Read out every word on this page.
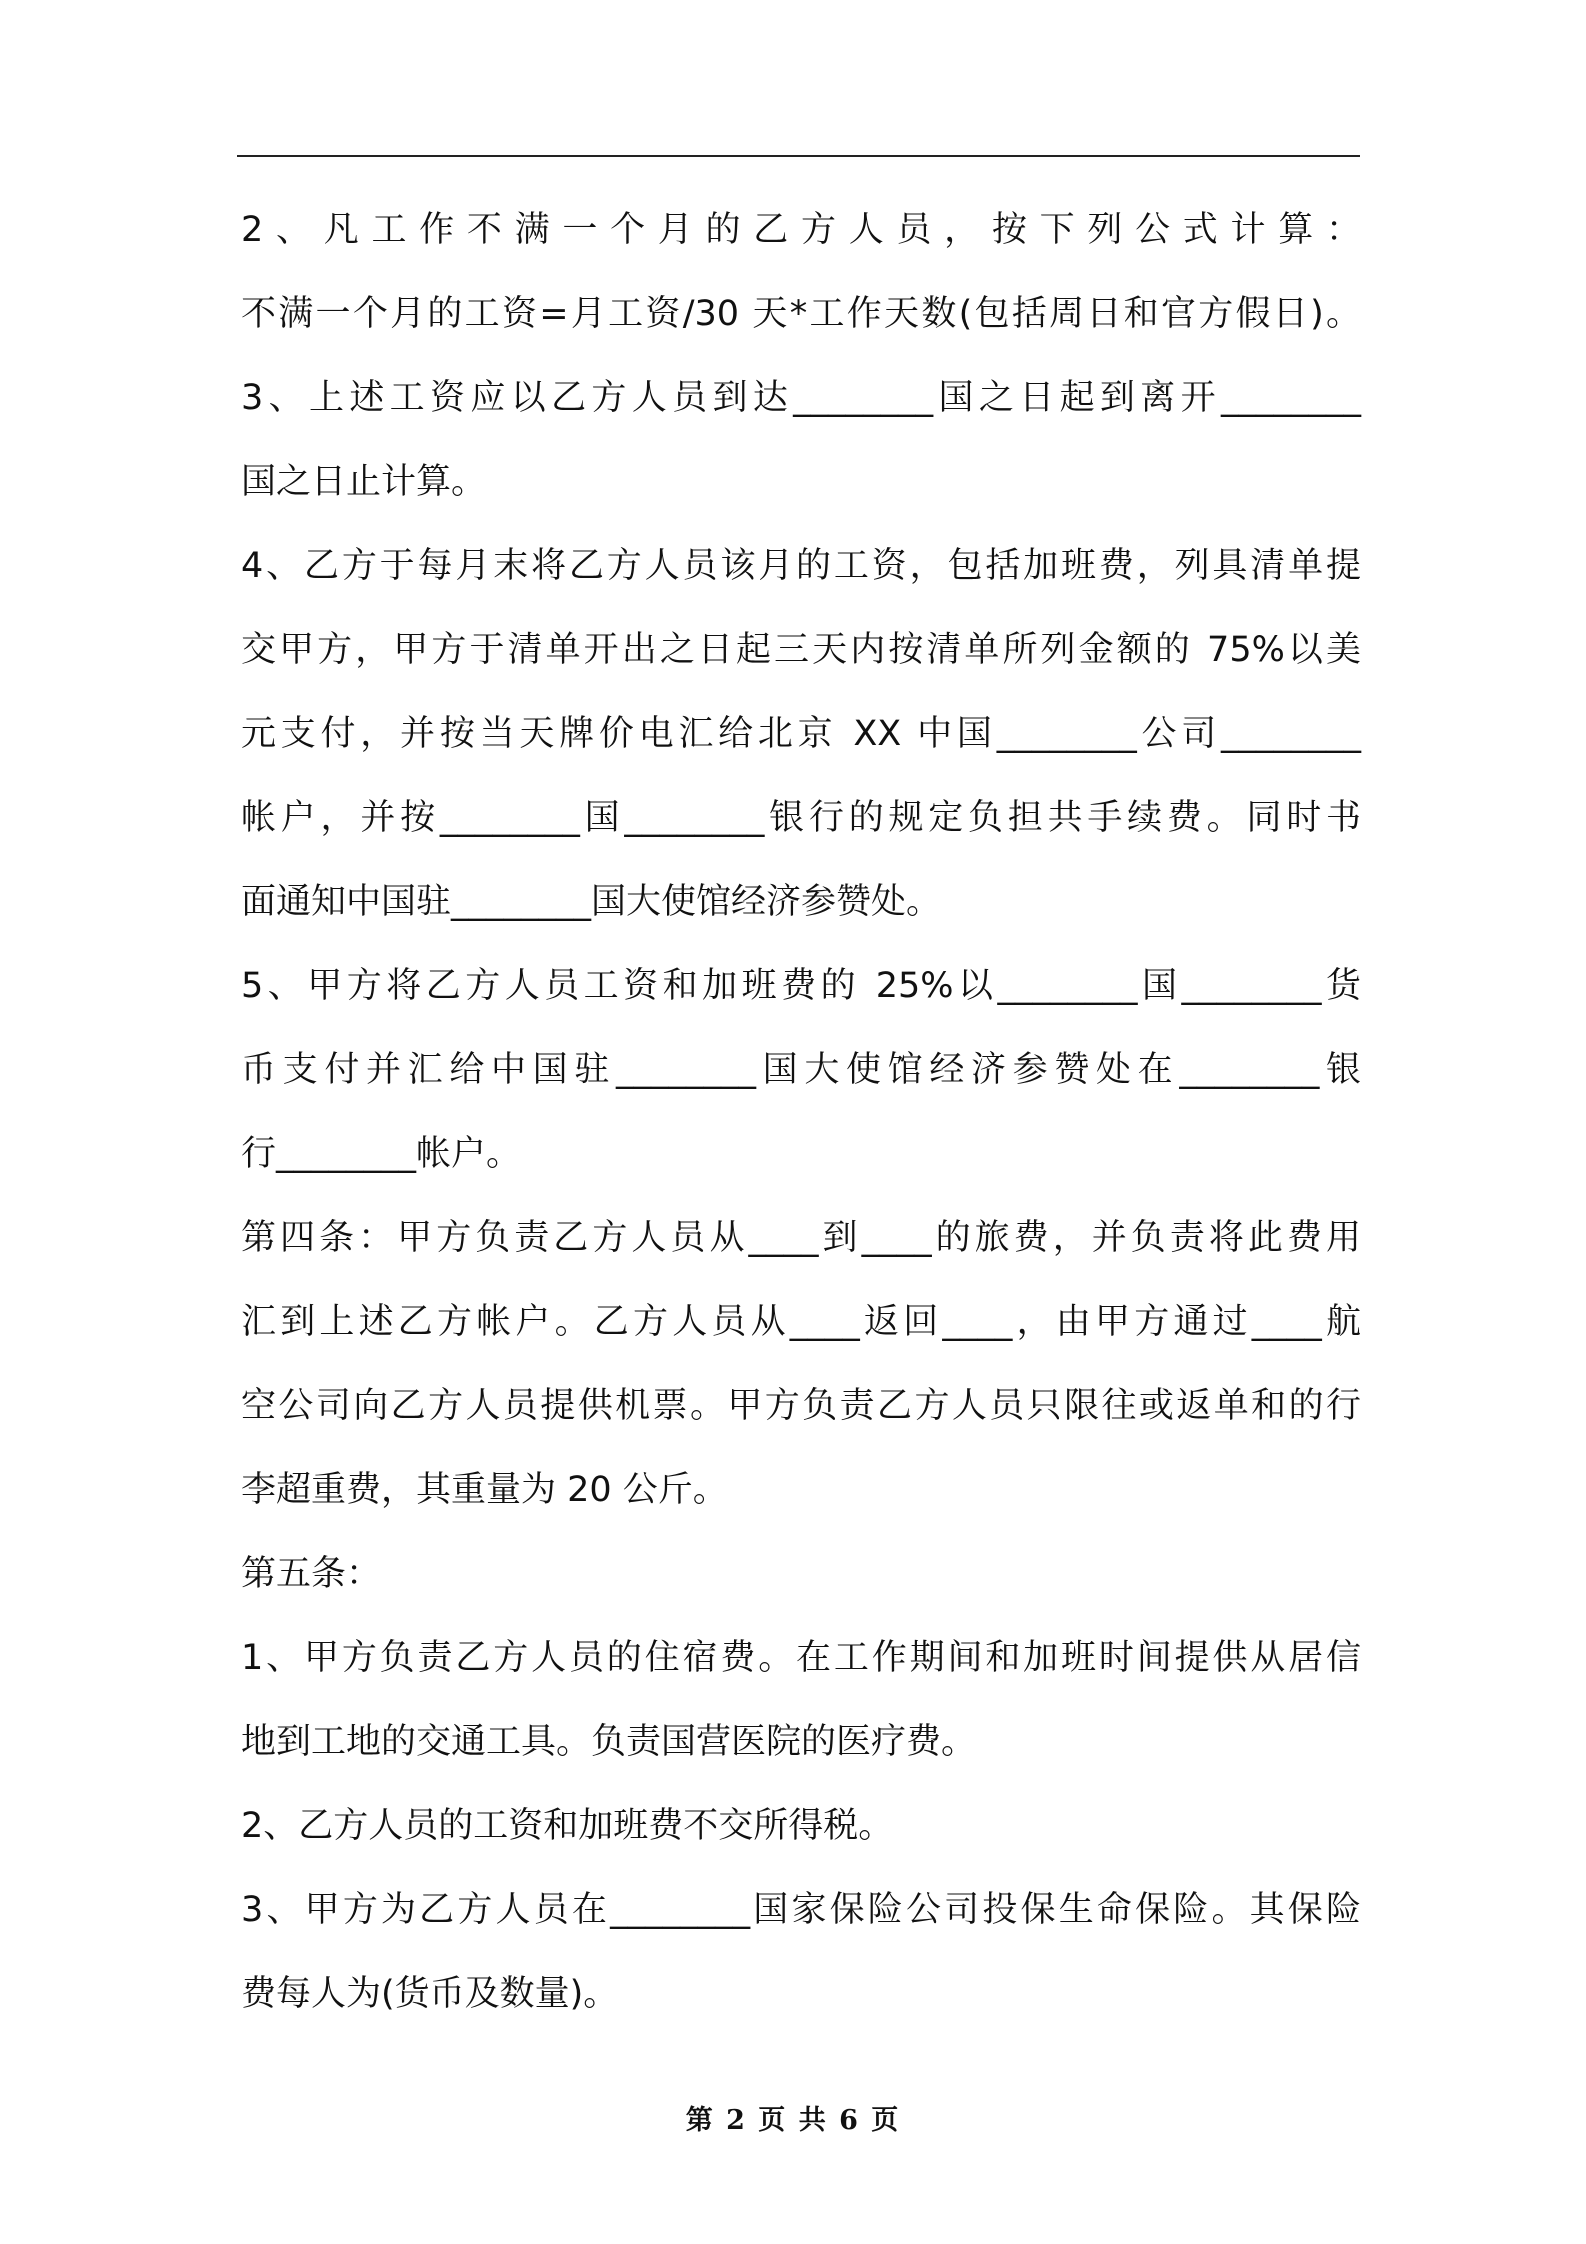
2、凡工作不满一个月的乙方人员，按下列公式计算：
不满一个月的工资=月工资/30 天*工作天数(包括周日和官方假日)。
3、上述工资应以乙方人员到达________国之日起到离开________
国之日止计算。
4、乙方于每月末将乙方人员该月的工资，包括加班费，列具清单提
交甲方，甲方于清单开出之日起三天内按清单所列金额的 75%以美
元支付，并按当天牌价电汇给北京 XX 中国________公司________
帐户，并按________国________银行的规定负担共手续费。同时书
面通知中国驻________国大使馆经济参赞处。
5、甲方将乙方人员工资和加班费的 25%以________国________货
币支付并汇给中国驻________国大使馆经济参赞处在________银
行________帐户。
第四条：甲方负责乙方人员从____到____的旅费，并负责将此费用
汇到上述乙方帐户。乙方人员从____返回____，由甲方通过____航
空公司向乙方人员提供机票。甲方负责乙方人员只限往或返单和的行
李超重费，其重量为 20 公斤。
第五条：
1、甲方负责乙方人员的住宿费。在工作期间和加班时间提供从居信
地到工地的交通工具。负责国营医院的医疗费。
2、乙方人员的工资和加班费不交所得税。
3、甲方为乙方人员在________国家保险公司投保生命保险。其保险
费每人为(货币及数量)。
第 2 页 共 6 页
